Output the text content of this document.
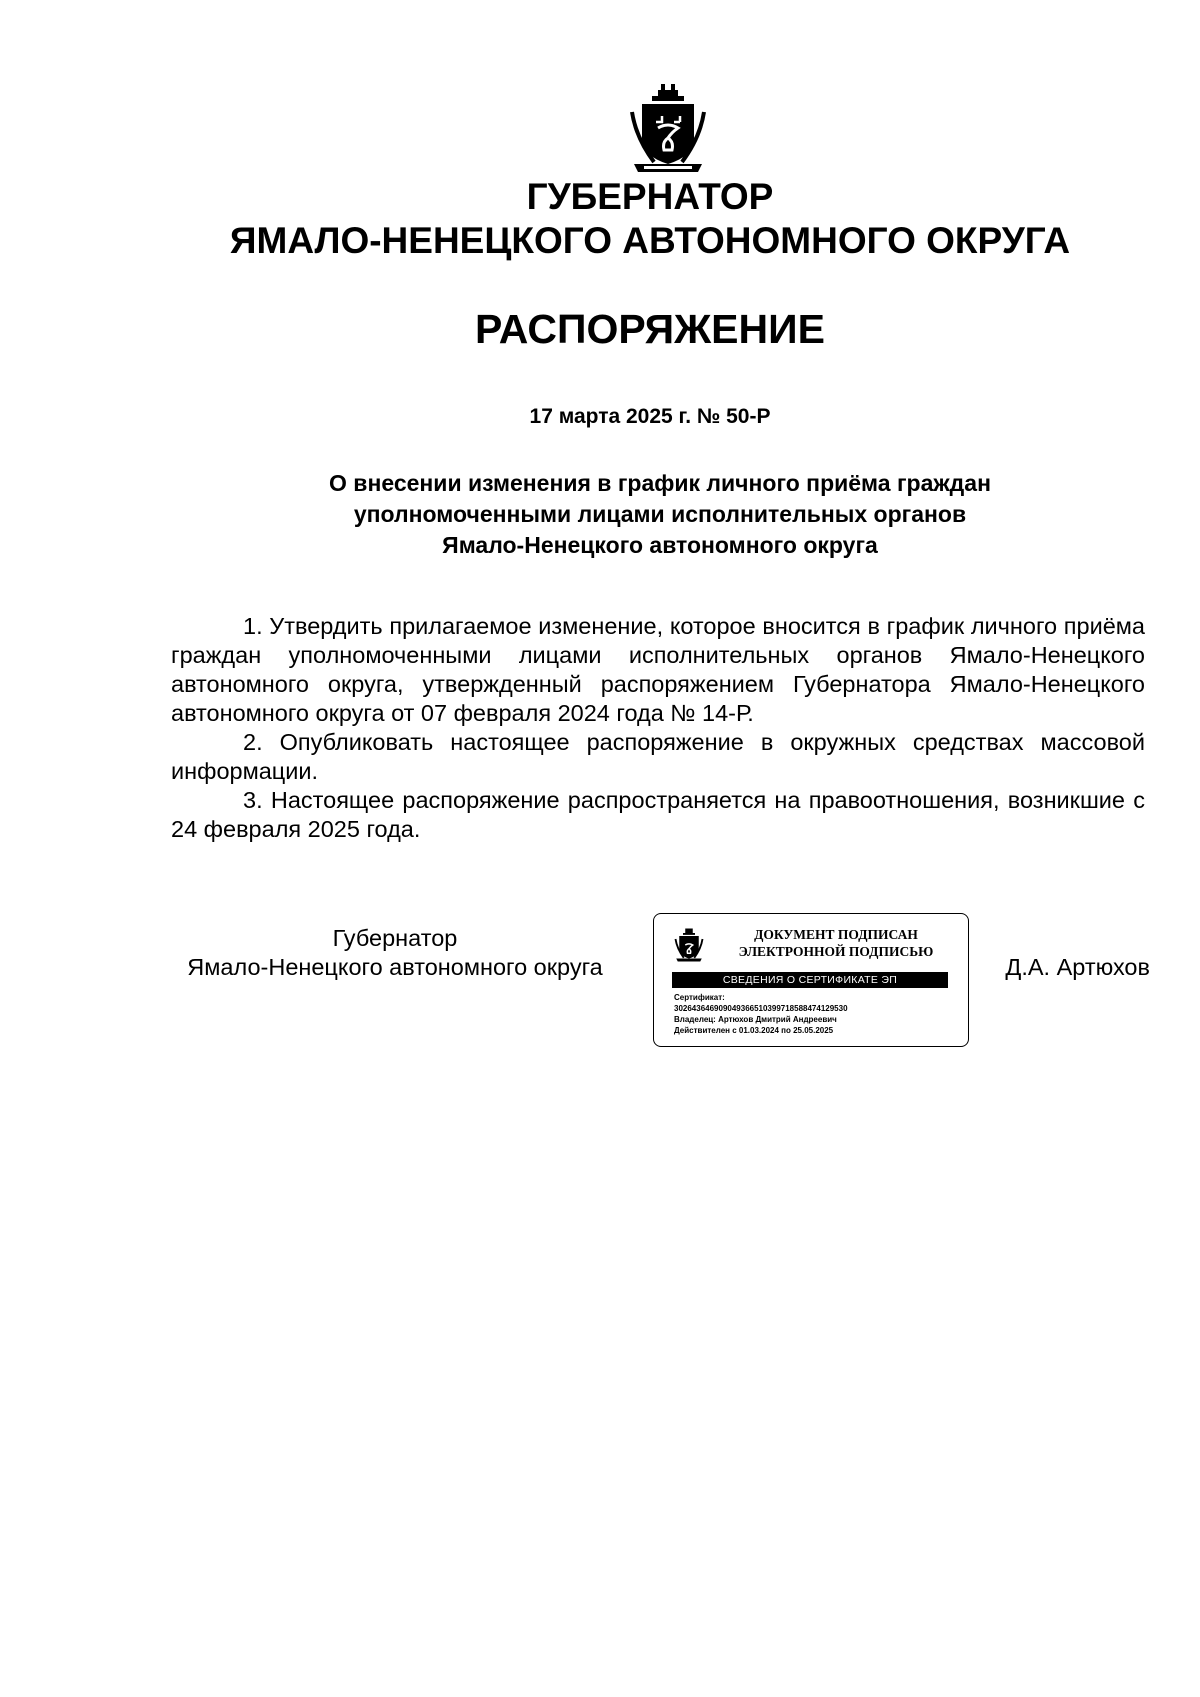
ГУБЕРНАТОР
ЯМАЛО-НЕНЕЦКОГО АВТОНОМНОГО ОКРУГА
РАСПОРЯЖЕНИЕ
17 марта 2025 г. № 50-Р
О внесении изменения в график личного приёма граждан
уполномоченными лицами исполнительных органов
Ямало-Ненецкого автономного округа

1. Утвердить прилагаемое изменение, которое вносится в график личного приёма граждан уполномоченными лицами исполнительных органов Ямало-Ненецкого автономного округа, утвержденный распоряжением Губернатора Ямало-Ненецкого автономного округа от 07 февраля 2024 года № 14-Р.

2. Опубликовать настоящее распоряжение в окружных средствах массовой информации.

3. Настоящее распоряжение распространяется на правоотношения, возникшие с 24 февраля 2025 года.

Губернатор
Ямало-Ненецкого автономного округа
ДОКУМЕНТ ПОДПИСАН
ЭЛЕКТРОННОЙ ПОДПИСЬЮ
СВЕДЕНИЯ О СЕРТИФИКАТЕ ЭП
Сертификат:
302643646909049366510399718588474129530
Владелец: Артюхов Дмитрий Андреевич
Действителен с 01.03.2024 по 25.05.2025
Д.А. Артюхов
